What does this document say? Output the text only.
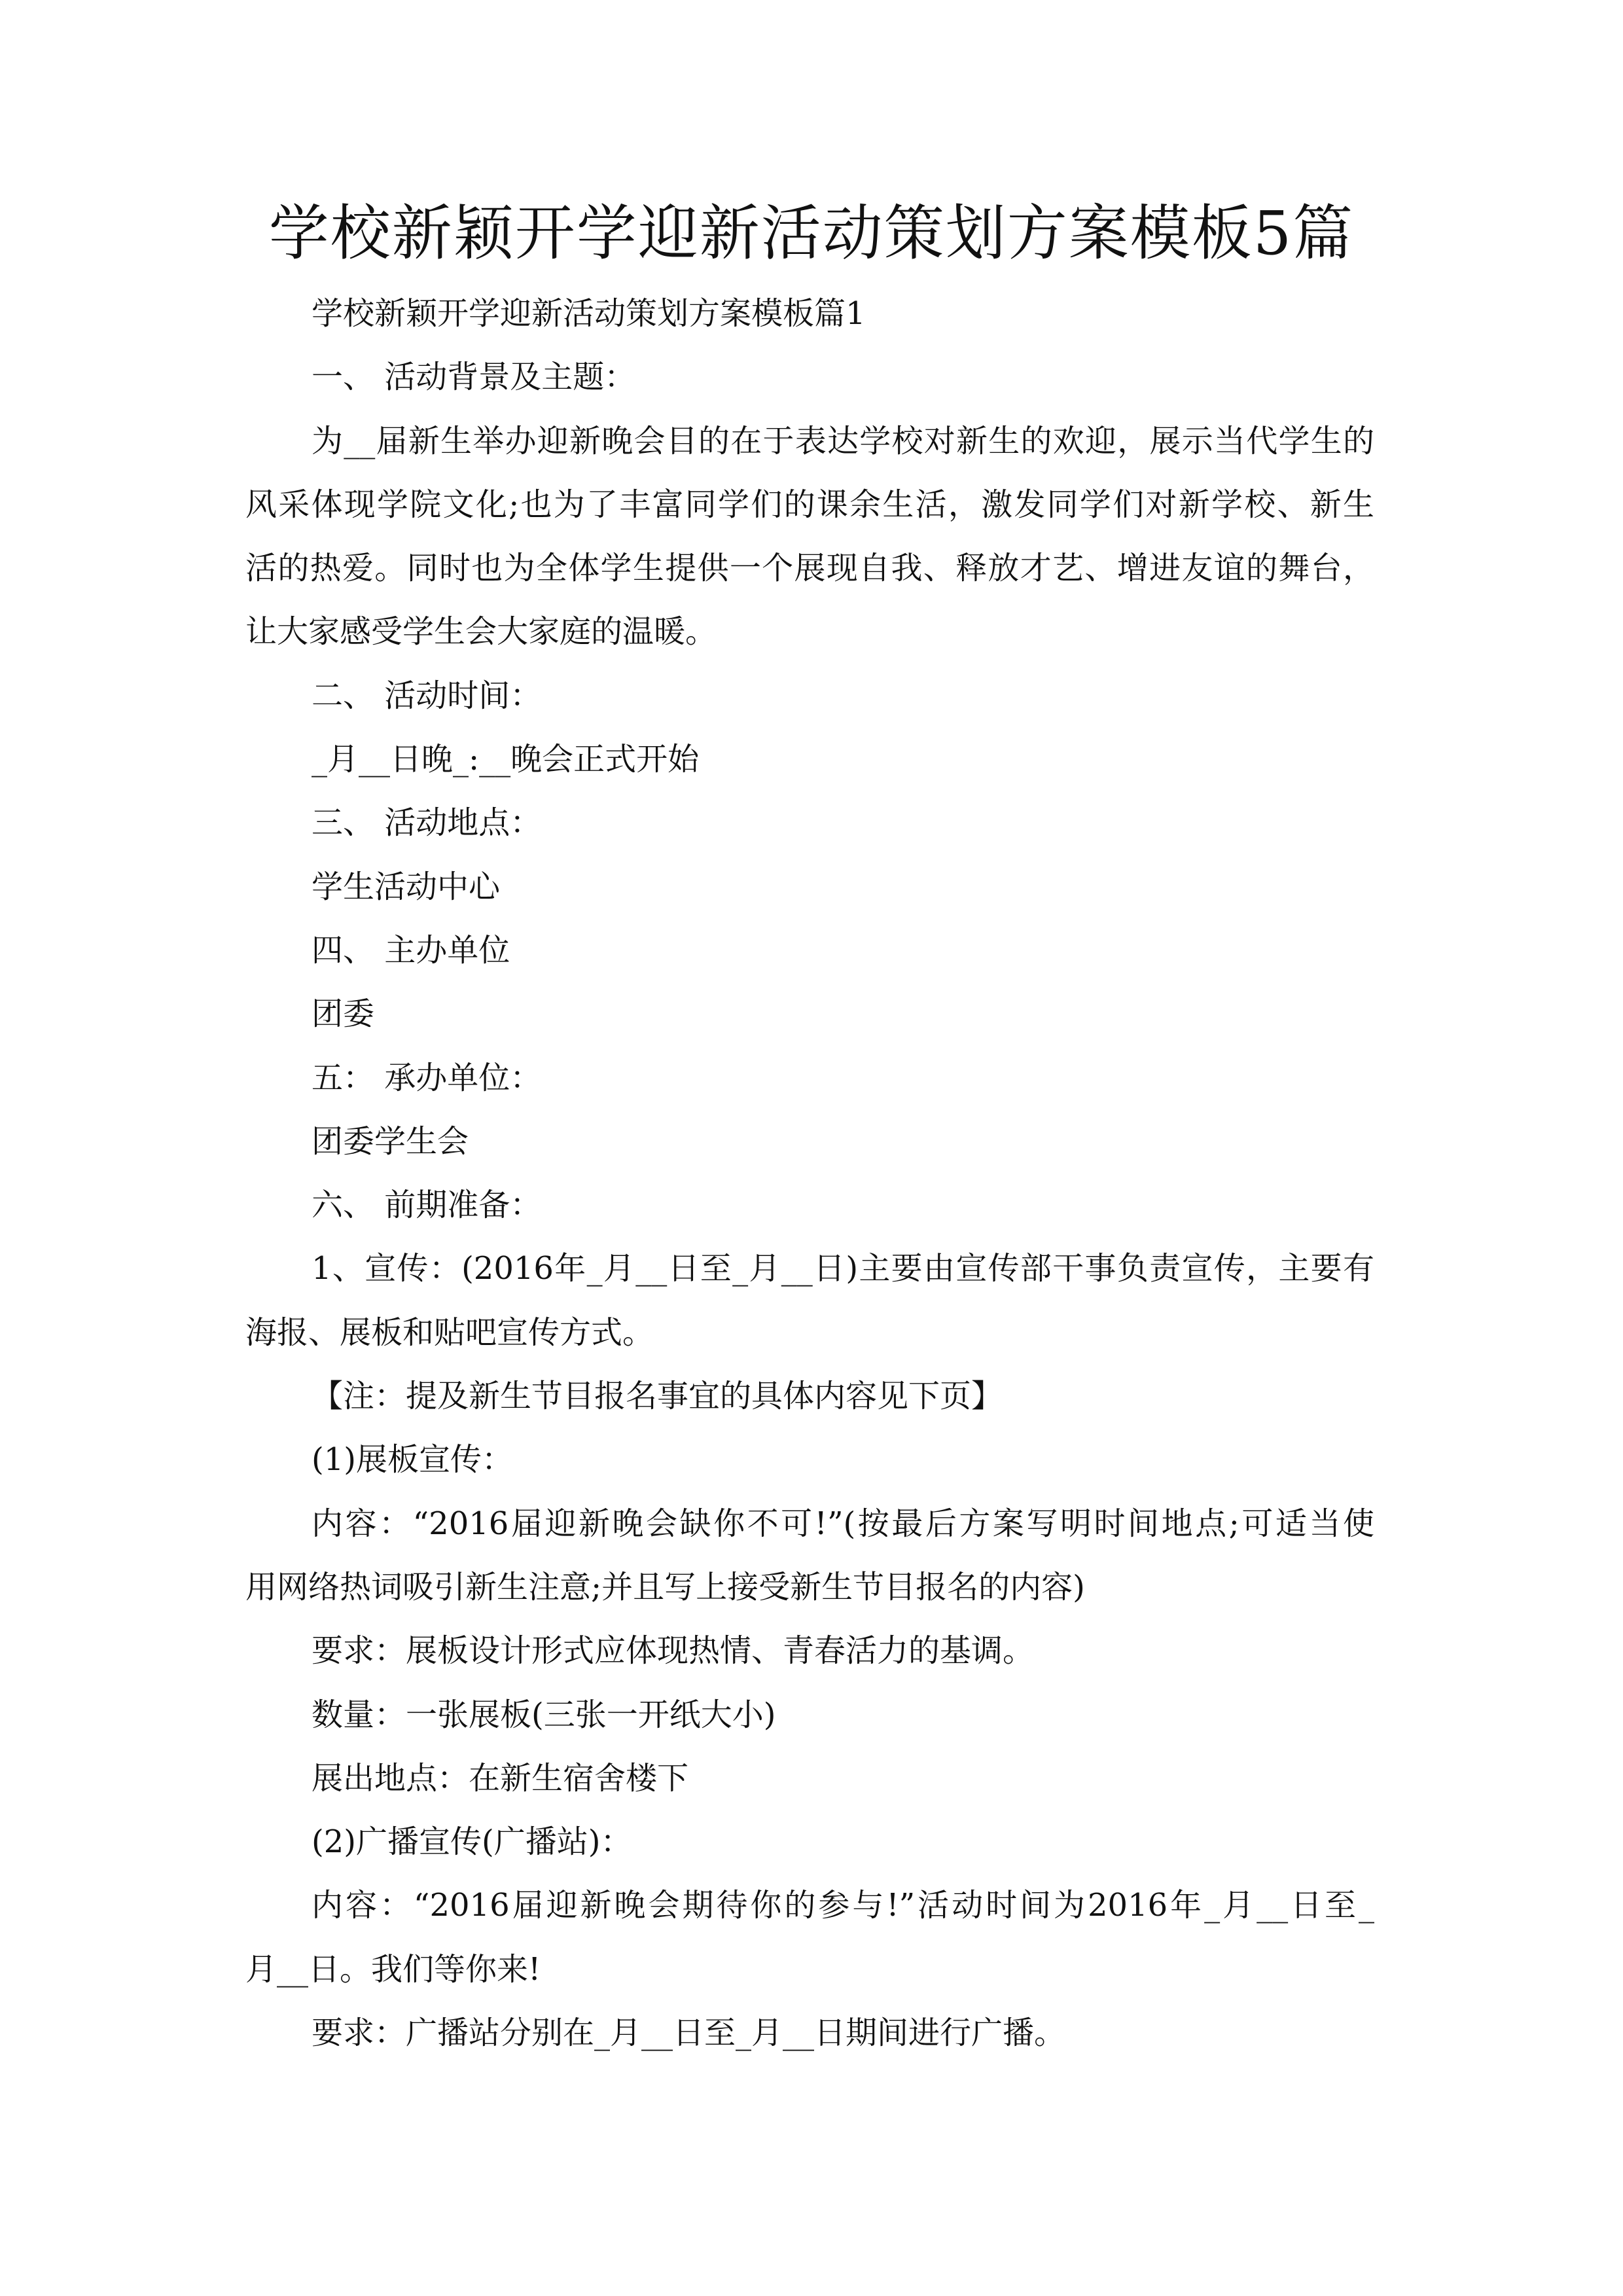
学校新颖开学迎新活动策划方案模板5篇
学校新颖开学迎新活动策划方案模板篇1
一、 活动背景及主题：
为__届新生举办迎新晚会目的在于表达学校对新生的欢迎，展示当代学生的
风采体现学院文化;也为了丰富同学们的课余生活，激发同学们对新学校、新生
活的热爱。同时也为全体学生提供一个展现自我、释放才艺、增进友谊的舞台，
让大家感受学生会大家庭的温暖。
二、 活动时间：
_月__日晚_:__晚会正式开始
三、 活动地点：
学生活动中心
四、 主办单位
团委
五： 承办单位：
团委学生会
六、 前期准备：
1、宣传：(2016年_月__日至_月__日)主要由宣传部干事负责宣传，主要有
海报、展板和贴吧宣传方式。
【注：提及新生节目报名事宜的具体内容见下页】
(1)展板宣传：
内容：“2016届迎新晚会缺你不可!”(按最后方案写明时间地点;可适当使
用网络热词吸引新生注意;并且写上接受新生节目报名的内容)
要求：展板设计形式应体现热情、青春活力的基调。
数量：一张展板(三张一开纸大小)
展出地点：在新生宿舍楼下
(2)广播宣传(广播站)：
内容：“2016届迎新晚会期待你的参与!”活动时间为2016年_月__日至_
月__日。我们等你来!
要求：广播站分别在_月__日至_月__日期间进行广播。
